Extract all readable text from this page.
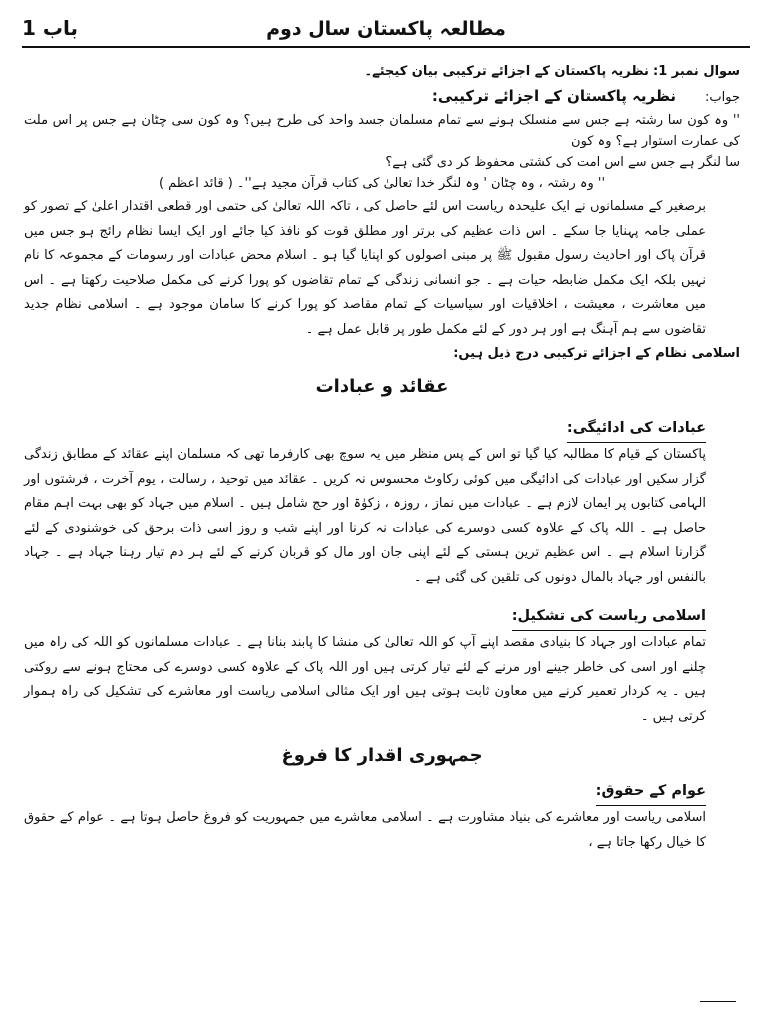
مطالعہ پاکستان سال دوم
باب 1
سوال نمبر 1: نظریہ پاکستان کے اجزائے ترکیبی بیان کیجئے۔
جواب:       نظریہ پاکستان کے اجزائے ترکیبی:
'' وہ کون سا رشتہ ہے جس سے منسلک ہونے سے تمام مسلمان جسد واحد کی طرح ہیں؟ وہ کون سی چٹان ہے جس پر اس ملت کی عمارت استوار ہے؟ وہ کون
سا لنگر ہے جس سے اس امت کی کشتی محفوظ کر دی گئی ہے؟
'' وہ رشتہ ، وہ چٹان ' وہ لنگر خدا تعالیٰ کی کتاب قرآن مجید ہے''۔ ( قائد اعظم )
برصغیر کے مسلمانوں نے ایک علیحدہ ریاست اس لئے حاصل کی ، تاکہ اللہ تعالیٰ کی حتمی اور قطعی اقتدار اعلیٰ کے تصور کو عملی جامہ پہنایا جا سکے ۔ اس ذات عظیم کی برتر اور مطلق قوت کو نافذ کیا جائے اور ایک ایسا نظام رائج ہو جس میں قرآن پاک اور احادیث رسول مقبول ﷺ پر مبنی اصولوں کو اپنایا گیا ہو ۔ اسلام محض عبادات اور رسومات کے مجموعہ کا نام نہیں بلکہ ایک مکمل ضابطہ حیات ہے ۔ جو انسانی زندگی کے تمام تقاضوں کو پورا کرنے کی مکمل صلاحیت رکھتا ہے ۔ اس میں معاشرت ، معیشت ، اخلاقیات اور سیاسیات کے تمام مقاصد کو پورا کرنے کا سامان موجود ہے ۔ اسلامی نظام جدید تقاضوں سے ہم آہنگ ہے اور ہر دور کے لئے مکمل طور پر قابل عمل ہے ۔
اسلامی نظام کے اجزائے ترکیبی درج ذیل ہیں:
عقائد و عبادات
عبادات کی ادائیگی:
پاکستان کے قیام کا مطالبہ کیا گیا تو اس کے پس منظر میں یہ سوچ بھی کارفرما تھی کہ مسلمان اپنے عقائد کے مطابق زندگی گزار سکیں اور عبادات کی ادائیگی میں کوئی رکاوٹ محسوس نہ کریں ۔ عقائد میں توحید ، رسالت ، یوم آخرت ، فرشتوں اور الہامی کتابوں پر ایمان لازم ہے ۔ عبادات میں نماز ، روزہ ، زکوٰۃ اور حج شامل ہیں ۔ اسلام میں جہاد کو بھی بہت اہم مقام حاصل ہے ۔ اللہ پاک کے علاوہ کسی دوسرے کی عبادات نہ کرنا اور اپنے شب و روز اسی ذات برحق کی خوشنودی کے لئے گزارنا اسلام ہے ۔ اس عظیم ترین ہستی کے لئے اپنی جان اور مال کو قربان کرنے کے لئے ہر دم تیار رہنا جہاد ہے ۔ جہاد بالنفس اور جہاد بالمال دونوں کی تلقین کی گئی ہے ۔
اسلامی ریاست کی تشکیل:
تمام عبادات اور جہاد کا بنیادی مقصد اپنے آپ کو اللہ تعالیٰ کی منشا کا پابند بنانا ہے ۔ عبادات مسلمانوں کو اللہ کی راہ میں چلنے اور اسی کی خاطر جینے اور مرنے کے لئے تیار کرتی ہیں اور اللہ پاک کے علاوہ کسی دوسرے کی محتاج ہونے سے روکتی ہیں ۔ یہ کردار تعمیر کرنے میں معاون ثابت ہوتی ہیں اور ایک مثالی اسلامی ریاست اور معاشرے کی تشکیل کی راہ ہموار کرتی ہیں ۔
جمہوری اقدار کا فروغ
عوام کے حقوق:
اسلامی ریاست اور معاشرے کی بنیاد مشاورت ہے ۔ اسلامی معاشرے میں جمہوریت کو فروغ حاصل ہوتا ہے ۔ عوام کے حقوق کا خیال رکھا جاتا ہے ،
